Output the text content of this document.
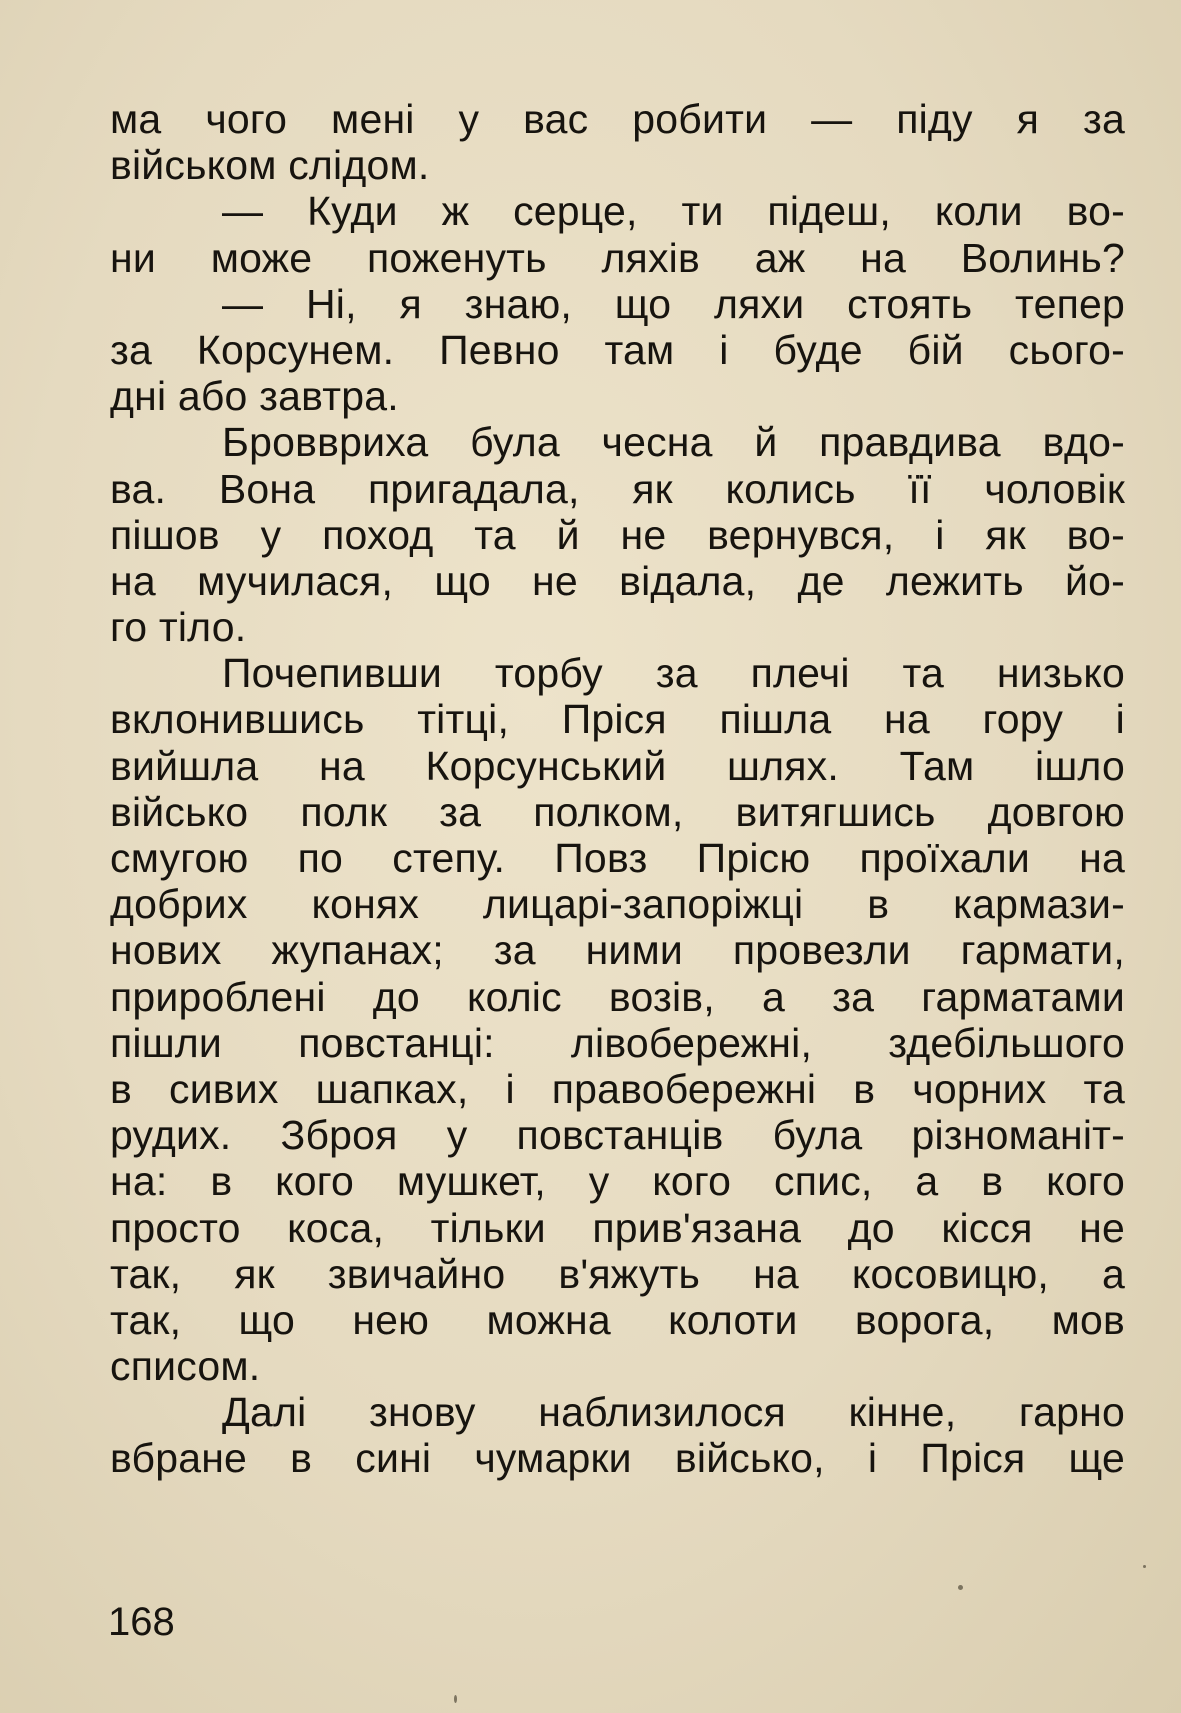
ма чого мені у вас робити — піду я за
військом слідом.
— Куди ж серце, ти підеш, коли во-
ни може поженуть ляхів аж на Волинь?
— Ні, я знаю, що ляхи стоять тепер
за Корсунем. Певно там і буде бій сього-
дні або завтра.
Броввриха була чесна й правдива вдо-
ва. Вона пригадала, як колись її чоловік
пішов у поход та й не вернувся, і як во-
на мучилася, що не відала, де лежить йо-
го тіло.
Почепивши торбу за плечі та низько
вклонившись тітці, Пріся пішла на гору і
вийшла на Корсунський шлях. Там ішло
військо полк за полком, витягшись довгою
смугою по степу. Повз Прісю проїхали на
добрих конях лицарі-запоріжці в кармази-
нових жупанах; за ними провезли гармати,
прироблені до коліс возів, а за гарматами
пішли повстанці: лівобережні, здебільшого
в сивих шапках, і правобережні в чорних та
рудих. Зброя у повстанців була різноманіт-
на: в кого мушкет, у кого спис, а в кого
просто коса, тільки прив'язана до кісся не
так, як звичайно в'яжуть на косовицю, а
так, що нею можна колоти ворога, мов
списом.
Далі знову наблизилося кінне, гарно
вбране в сині чумарки військо, і Пріся ще
168
